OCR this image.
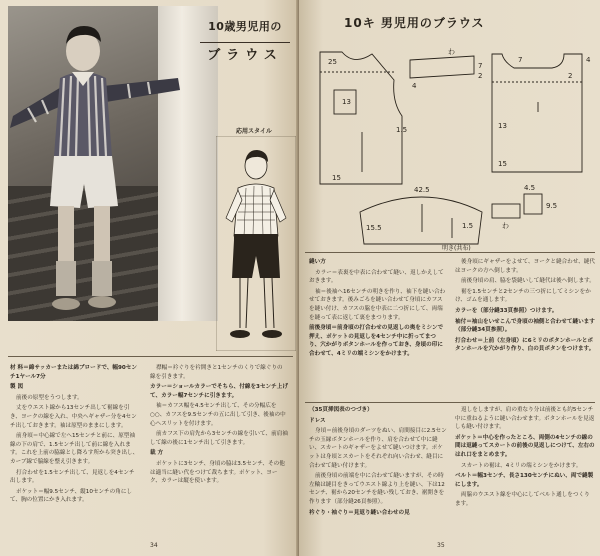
10歳男児用の
ブラウス
応用スタイル

材 料＝綿サッカーまたは綿ブロードで、幅90センチ1ヤール7分

製 図

前後の原型をうつします。

丈をウエスト線から13センチ出して裾線を引き、ヨークの線を入れ、中央へギャザー分を4センチ出しておきます。袖は原型のままにします。

前身頃＝中心線で左へ15センチと前に、原型袖線の下の肩で、1.5センチ出して前に線を入れます。これを上前の脇線とし降ろす所から突き出し、カーブ線で脇線を整え引きます。

打合わせを1.5センチ出して、見返しを4センチ出します。

ポケット＝幅9.5センチ、縦10センチの角にして、胸の位置にかき入れます。

襟幅＝衿ぐりを衿開きと1センチのくりで線ぐりの線を引きます。

カラー＝ショールカラーでそちら、付線を3センチ上げて、カラー幅7センチに引きます。

袖＝カフス幅を4.5センチ出して、その分幅広を○○、カフスを9.5センチの五に出して引き、後袖の中心へスリットを付けます。

前カフス下の肩先から3センチの線を引いて、前肩袖して線の後に1センチ出して引きます。

裁 方

ポケットに3センチ、身頃の脇は3.5センチ、その他は適当に縫い代をつけて裁ちます。ポケット、ヨーク、カラーは縦を使います。

34
10キ 男児用のブラウス
25
わ
13
15
1.5
4
7
2
4
7
13
15
2
42.5
15.5	1.5
4.5
9.5
明き(共布)
わ

縫い方

カラー＝表裏を中表に合わせて縫い、返しかえしておきます。

袖＝後袖へ16センチの明きを作り、袖下を縫い合わせておきます。後みごろを縫い合わせて身頃にカフスを縫い付け、カフスの脇を中表に二つ折にして、両端を縫って表に返して裏をまつります。

前後身頃＝前身頃の打合わせの見返しの奥をミシンで押え、ポケットの見返しを4センチ中に折ってまつり、穴かがりボタンホールを作っておき、身頃の印に合わせて、4ミリの端ミシンをかけます。

後身頃にギャザーをよせて、ヨークと縫合わせ、縫代はヨークの方へ倒します。

前後身頃の肩、脇を袋縫いして縫代は後へ倒します。

裾を1.5センチと2センチの三つ折にしてミシンをかけ、ゴムを通します。

カラーを（部分縫33頁参照）つけます。

袖付＝袖山をいせこんで身頃の袖側と合わせて縫います（部分縫34頁参照）。

打合わせ＝上前（左身頃）に6ミリのボタンホールとボタンホールを穴かがり作り、白の貝ボタンをつけます。

（35頁挿図表のつづき）

ドレス

身頃＝前後身頃のダーツをぬい、肩間接目に2.5センチの玉縁ボタンホールを作り、肩を合わせて中に縫い、スカートのギャザーをよせて縫いつけます。ポケットは身頃とスカートをそれぞれ向い合わせ、縫目に合わせて縫い付けます。

前後身頃の前端を中に合わせて縫いますが、その時左輪は縫目をきってウエスト線より上を縫い、下は12センチ、裾から20センチを縫い残しておき、裾開きを作ります（部分縫26頁参照）。

衿ぐり・袖ぐり＝見返り縫い合わせの見

返しをしますが、肩の重なり分は前後とも約5センチ中に重ねるように縫い合わせます。ボタンホールを見返しも縫い付けます。

ポケット＝中心を作ったところ、両側の4センチの線の間は返縫ってスカートの前後の見返しにつけて、左右のはれ口をまとめます。

スカートの裾は、4ミリの端ミシンをかけます。

ベルト＝幅3センチ、長さ130センチにぬい、両で縫製にします。

両脇のウエスト線を中心にしてベルト通しをつくります。

35
